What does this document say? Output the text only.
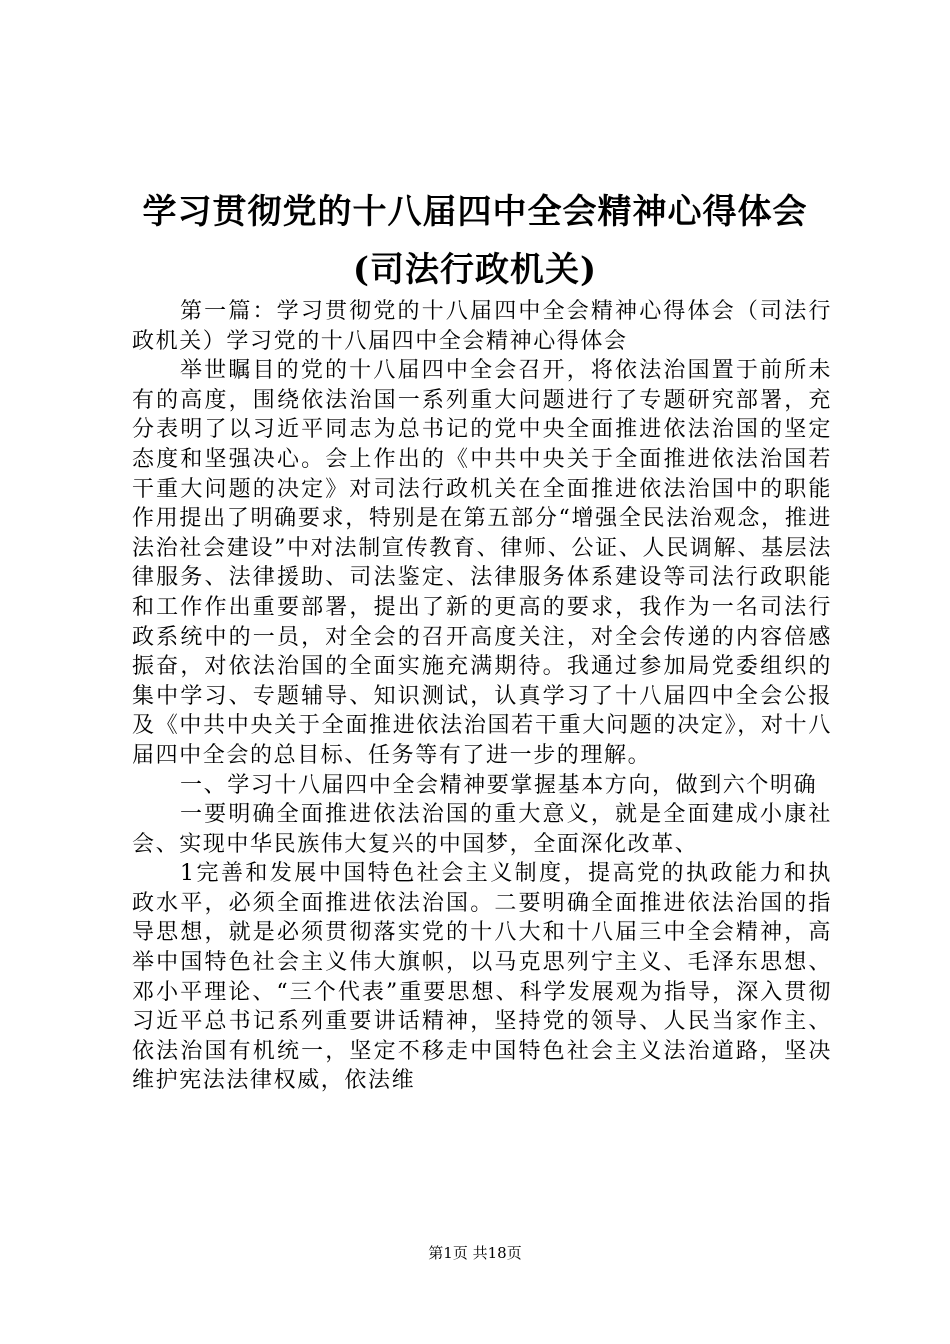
学习贯彻党的十八届四中全会精神心得体会
(司法行政机关)

第一篇：学习贯彻党的十八届四中全会精神心得体会（司法行政机关）学习党的十八届四中全会精神心得体会

举世瞩目的党的十八届四中全会召开，将依法治国置于前所未有的高度，围绕依法治国一系列重大问题进行了专题研究部署，充分表明了以习近平同志为总书记的党中央全面推进依法治国的坚定态度和坚强决心。会上作出的《中共中央关于全面推进依法治国若干重大问题的决定》对司法行政机关在全面推进依法治国中的职能作用提出了明确要求，特别是在第五部分“增强全民法治观念，推进法治社会建设”中对法制宣传教育、律师、公证、人民调解、基层法律服务、法律援助、司法鉴定、法律服务体系建设等司法行政职能和工作作出重要部署，提出了新的更高的要求，我作为一名司法行政系统中的一员，对全会的召开高度关注，对全会传递的内容倍感振奋，对依法治国的全面实施充满期待。我通过参加局党委组织的集中学习、专题辅导、知识测试，认真学习了十八届四中全会公报及《中共中央关于全面推进依法治国若干重大问题的决定》，对十八届四中全会的总目标、任务等有了进一步的理解。

一、学习十八届四中全会精神要掌握基本方向，做到六个明确

一要明确全面推进依法治国的重大意义，就是全面建成小康社会、实现中华民族伟大复兴的中国梦，全面深化改革、

1完善和发展中国特色社会主义制度，提高党的执政能力和执政水平，必须全面推进依法治国。二要明确全面推进依法治国的指导思想，就是必须贯彻落实党的十八大和十八届三中全会精神，高举中国特色社会主义伟大旗帜，以马克思列宁主义、毛泽东思想、邓小平理论、“三个代表”重要思想、科学发展观为指导，深入贯彻习近平总书记系列重要讲话精神，坚持党的领导、人民当家作主、依法治国有机统一，坚定不移走中国特色社会主义法治道路，坚决维护宪法法律权威，依法维

第1页 共18页
